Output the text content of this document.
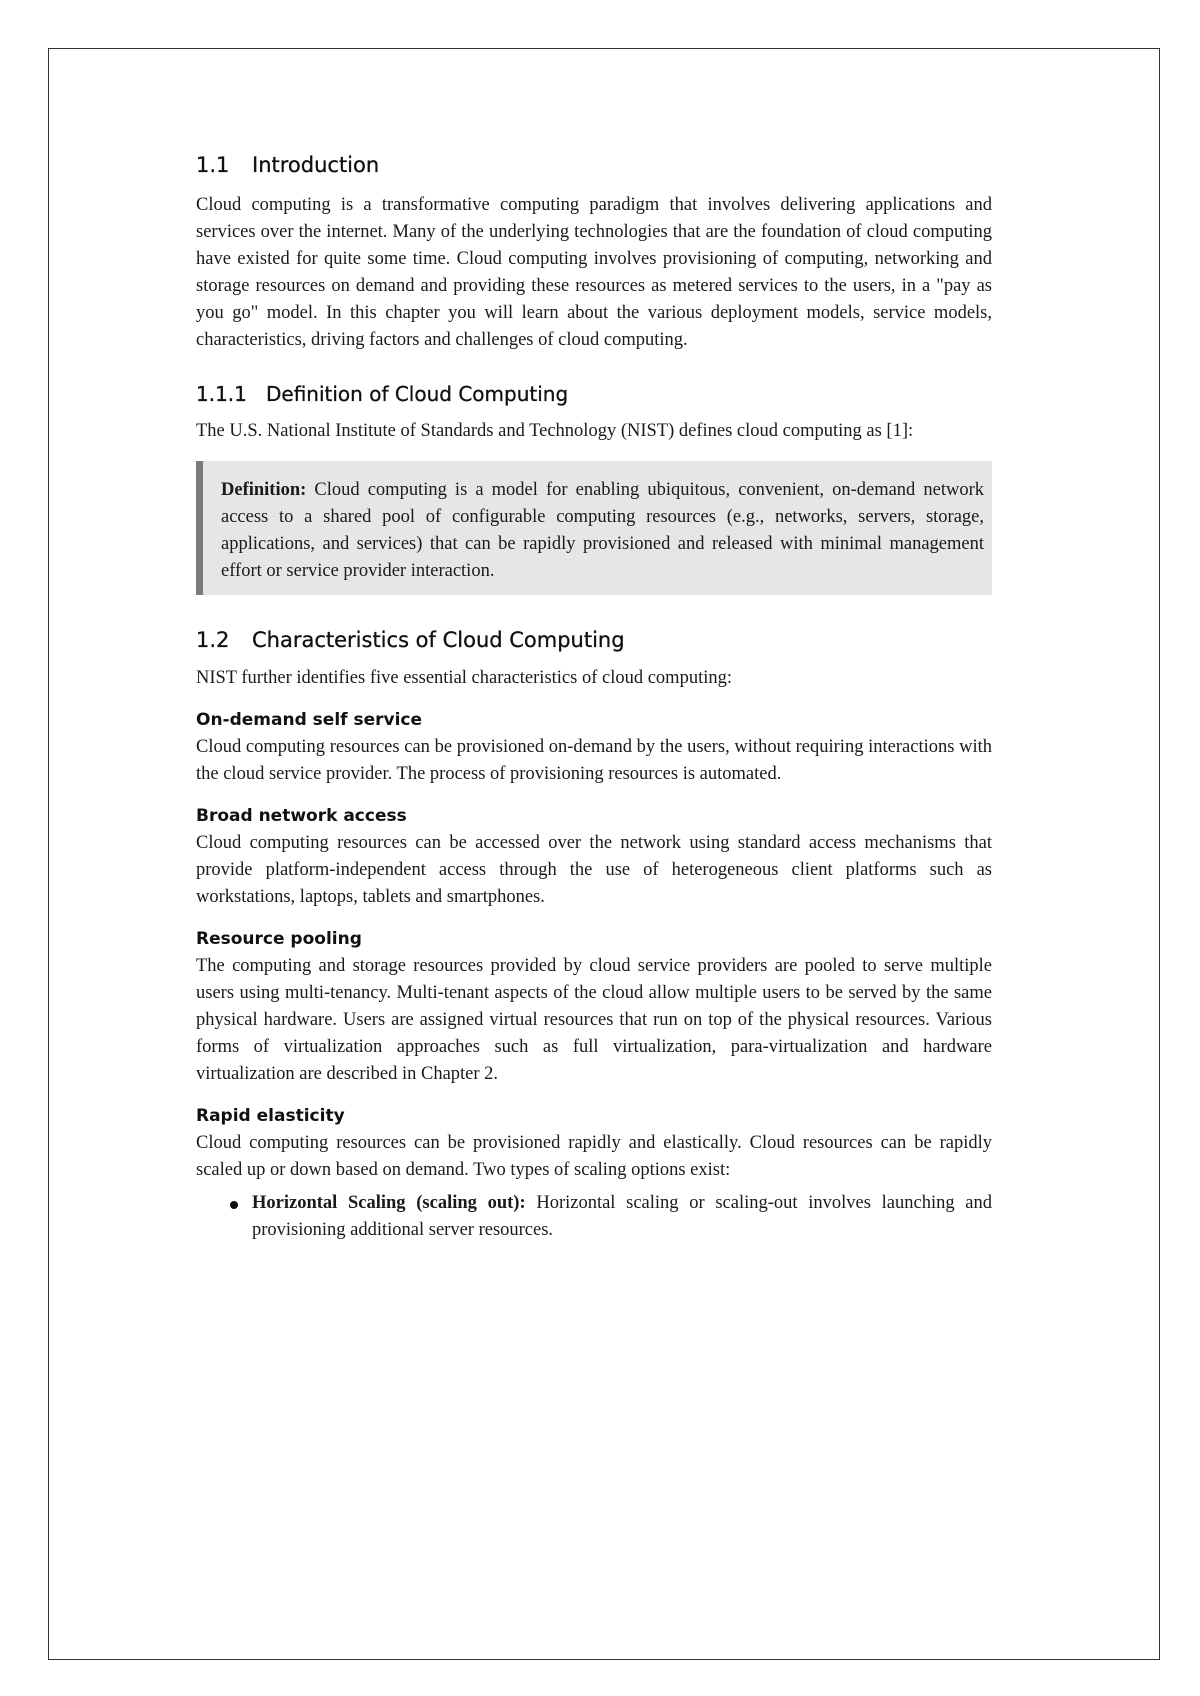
1.1 Introduction

Cloud computing is a transformative computing paradigm that involves delivering applications and services over the internet. Many of the underlying technologies that are the foundation of cloud computing have existed for quite some time. Cloud computing involves provisioning of computing, networking and storage resources on demand and providing these resources as metered services to the users, in a "pay as you go" model. In this chapter you will learn about the various deployment models, service models, characteristics, driving factors and challenges of cloud computing.

1.1.1 Definition of Cloud Computing

The U.S. National Institute of Standards and Technology (NIST) defines cloud computing as [1]:

Definition: Cloud computing is a model for enabling ubiquitous, convenient, on-demand network access to a shared pool of configurable computing resources (e.g., networks, servers, storage, applications, and services) that can be rapidly provisioned and released with minimal management effort or service provider interaction.

1.2 Characteristics of Cloud Computing

NIST further identifies five essential characteristics of cloud computing:

On-demand self service

Cloud computing resources can be provisioned on-demand by the users, without requiring interactions with the cloud service provider. The process of provisioning resources is automated.

Broad network access

Cloud computing resources can be accessed over the network using standard access mechanisms that provide platform-independent access through the use of heterogeneous client platforms such as workstations, laptops, tablets and smartphones.

Resource pooling

The computing and storage resources provided by cloud service providers are pooled to serve multiple users using multi-tenancy. Multi-tenant aspects of the cloud allow multiple users to be served by the same physical hardware. Users are assigned virtual resources that run on top of the physical resources. Various forms of virtualization approaches such as full virtualization, para-virtualization and hardware virtualization are described in Chapter 2.

Rapid elasticity

Cloud computing resources can be provisioned rapidly and elastically. Cloud resources can be rapidly scaled up or down based on demand. Two types of scaling options exist:

Horizontal Scaling (scaling out): Horizontal scaling or scaling-out involves launching and provisioning additional server resources.
